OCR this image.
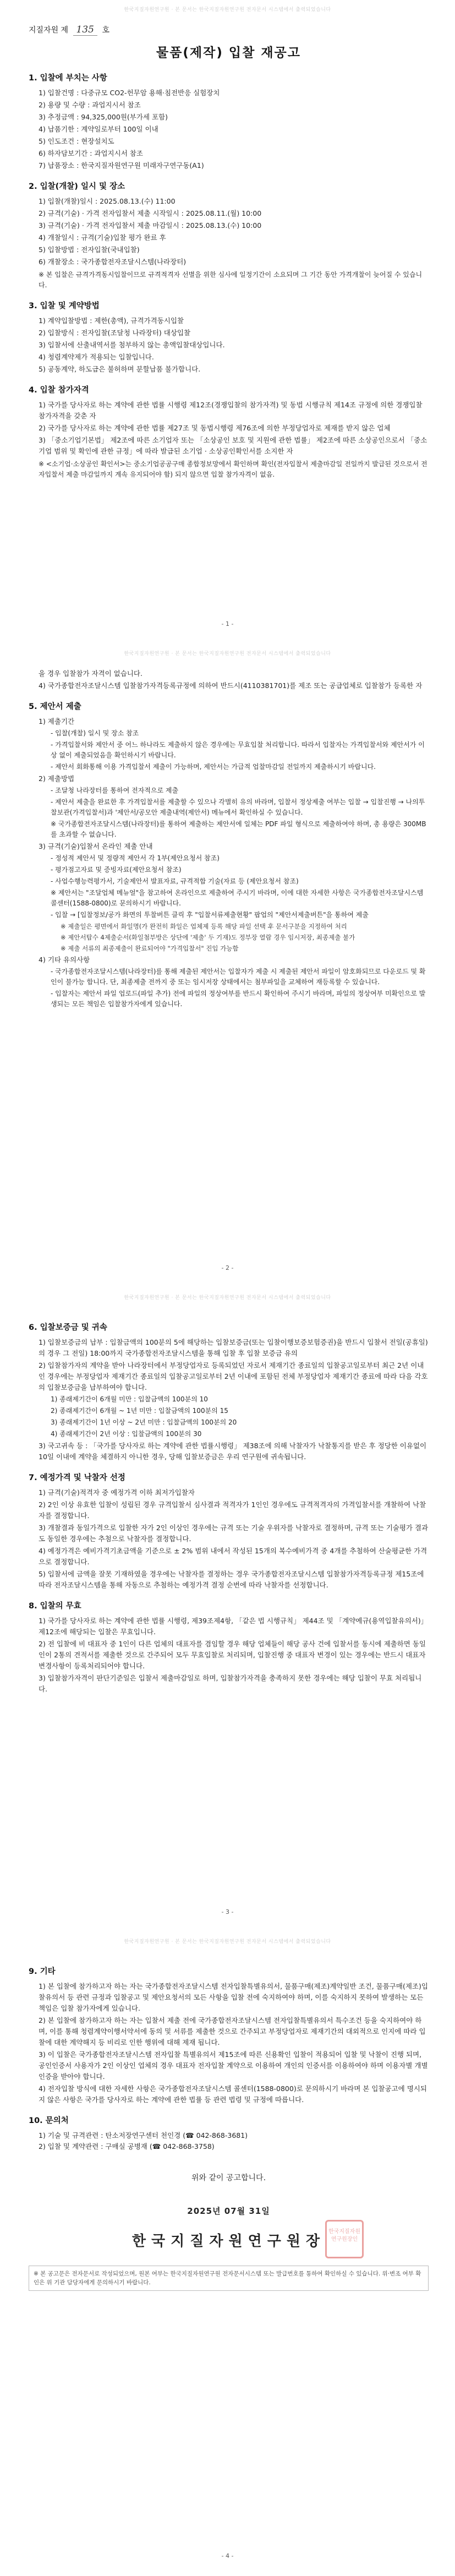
한국지질자원연구원 · 본 문서는 한국지질자원연구원 전자문서 시스템에서 출력되었습니다
지질자원 제 135 호
물품(제작) 입찰 재공고
1. 입찰에 부치는 사항
1) 입찰건명 : 다중규모 CO2-헌무암 용해·침전반응 실험장치
2) 용량 및 수량 : 과업지시서 참조
3) 추정금액 : 94,325,000원(부가세 포함)
4) 납품기한 : 계약일로부터 100일 이내
5) 인도조건 : 현장설치도
6) 하자담보기간 : 과업지시서 참조
7) 납품장소 : 한국지질자원연구원 미래자구연구동(A1)
2. 입찰(개찰) 일시 및 장소
1) 입찰(개찰)일시 : 2025.08.13.(수) 11:00
2) 규격(기술) · 가격 전자입찰서 제출 시작일시 : 2025.08.11.(월) 10:00
3) 규격(기술) · 가격 전자입찰서 제출 마감일시 : 2025.08.13.(수) 10:00
4) 개찰일시 : 규격(기술)입찰 평가 완료 후
5) 입찰방법 : 전자입찰(국내입찰)
6) 개찰장소 : 국가종합전자조달시스템(나라장터)
※ 본 입찰은 규격가격동시입찰이므로 규격적격자 선별을 위한 심사에 일정기간이 소요되며 그 기간 동안 가격개찰이 늦어질 수 있습니다.
3. 입찰 및 계약방법
1) 계약입찰방법 : 제한(총액), 규격가격동시입찰
2) 입찰방식 : 전자입찰(조달청 나라장터) 대상입찰
3) 입찰서에 산출내역서를 첨부하지 않는 총액입찰대상입니다.
4) 청렴계약제가 적용되는 입찰입니다.
5) 공동계약, 하도급은 불허하며 분할납품 불가합니다.
4. 입찰 참가자격
1) 국가를 당사자로 하는 계약에 관한 법률 시행령 제12조(경쟁입찰의 참가자격) 및 동법 시행규칙 제14조 규정에 의한 경쟁입찰 참가자격을 갖춘 자
2) 국가를 당사자로 하는 계약에 관한 법률 제27조 및 동법시행령 제76조에 의한 부정당업자로 제재를 받지 않은 업체
3) 「중소기업기본법」 제2조에 따른 소기업자 또는 「소상공인 보호 및 지원에 관한 법률」 제2조에 따른 소상공인으로서 「중소기업 범위 및 확인에 관한 규정」에 따라 발급된 소기업 · 소상공인확인서를 소지한 자
※ <소기업·소상공인 확인서>는 중소기업공공구매 종합정보망에서 확인하며 확인(전자입찰서 제출마감일 전일까지 발급된 것으로서 전자입찰서 제출 마감일까지 계속 유지되어야 함) 되지 않으면 입찰 참가자격이 없음.
- 1 -
한국지질자원연구원 · 본 문서는 한국지질자원연구원 전자문서 시스템에서 출력되었습니다
을 경우 입찰참가 자격이 없습니다.
4) 국가종합전자조달시스템 입찰참가자격등록규정에 의하여 반드시(4110381701)를 제조 또는 공급업체로 입찰참가 등록한 자
5. 제안서 제출
1) 제출기간
- 입찰(개찰) 일시 및 장소 참조
- 가격입찰서와 제안서 중 어느 하나라도 제출하지 않은 경우에는 무효입찰 처리합니다. 따라서 입찰자는 가격입찰서와 제안서가 이상 없이 제출되었음을 확인하시기 바랍니다.
- 제안서 회화통해 이용 가격입찰서 제출이 가능하며, 제안서는 가급적 업찰마감일 전일까지 제출하시기 바랍니다.
2) 제출방법
- 조달청 나라장터를 통하여 전자적으로 제출
- 제안서 제출을 완료한 후 가격입찰서를 제출할 수 있으나 각별히 유의 바라며, 입찰서 정상제출 여부는 입찰 → 입찰진행 → 나의투찰보관(가격입찰서)과 '제안서/공모안 제출내역(제안서) 메뉴에서 확인하실 수 있습니다.
※ 국가종합전자조달시스템(나라장터)를 통하여 제출하는 제안서에 일체는 PDF 파일 형식으로 제출하여야 하며, 총 용량은 300MB를 초과할 수 없습니다.
3) 규격(기술)입찰서 온라인 제출 안내
- 정성적 제안서 및 정량적 제안서 각 1부(제안요청서 참조)
- 평가점고자료 및 증빙자료(제안요청서 참조)
- 사업수행능력평가서, 기술제안서 발표자료, 규격적합 기술(자료 등 (제안요청서 참조)
※ 제안서는 "조달업체 메뉴얼"을 참고하여 온라인으로 제출하여 주시기 바라며, 이에 대한 자세한 사항은 국가종합전자조달시스템 콜센터(1588-0800)로 문의하시기 바랍니다.
- 입찰 → [입찰정보/공가 화면의 투찰버튼 클릭 후 "입찰서류제출현황" 팝업의 "제안서제출버튼"을 통하여 제출
※ 제출일은 평면에서 화일명(가 완전히 화일은 업체제 등록 해당 파일 선택 후 문서구분을 지정하여 처리
※ 제안서탑수 4제출순서(화일첨부방은 상단에 '제출' 두 기재)도 정부장 열람 경우 임시저장, 최종제출 불가
※ 제출 서류의 최종제출이 완료되어야 "가격입찰서" 진입 가능함
4) 기타 유의사항
- 국가종합전자조달시스템(나라장터)를 통해 제출된 제안서는 입찰자가 제출 시 제출된 제안서 파일이 암호화되므로 다운로드 및 확인이 불가능 합니다. 단, 최종제출 전까지 중 또는 임시저장 상태에서는 첨부파일을 교체하여 재등록할 수 있습니다.
- 입찰자는 제안서 파일 업로드(파일 추가) 전에 파일의 정상여부를 반드시 확인하여 주시기 바라며, 파일의 정상여부 미확인으로 발생되는 모든 책임은 입찰참가자에게 있습니다.
- 2 -
한국지질자원연구원 · 본 문서는 한국지질자원연구원 전자문서 시스템에서 출력되었습니다
6. 입찰보증금 및 귀속
1) 입찰보증금의 납부 : 입찰금액의 100분의 5에 해당하는 입찰보증금(또는 입찰이행보증보험증권)을 반드시 입찰서 전일(공휴일)의 경우 그 전일) 18:00까지 국가종합전자조달시스템을 통해 입찰 후 입찰 보증금 유의
2) 입찰참가자의 계약을 받아 나라장터에서 부정당업자로 등록되었던 자로서 제재기간 종료일의 입찰공고일로부터 최근 2년 이내인 경우에는 부정당업자 제재기간 종료일의 입찰공고일로부터 2년 이내에 포함된 전체 부정당업자 제재기간 종료에 따라 다음 각호의 입찰보증금을 납부하여야 합니다.
1) 종래제기간이 6개월 미만 : 입찰금액의 100분의 10
2) 종래제기간이 6개월 ~ 1년 미만 : 입찰금액의 100분의 15
3) 종래제기간이 1년 이상 ~ 2년 미만 : 입찰금액의 100분의 20
4) 종래제기간이 2년 이상 : 입찰금액의 100분의 30
3) 국고귀속 등 : 「국가를 당사자로 하는 계약에 관한 법률시행령」 제38조에 의해 낙찰자가 낙찰통지를 받은 후 정당한 이유없이 10일 이내에 계약을 체결하지 아니한 경우, 당해 입찰보증금은 우리 연구원에 귀속됩니다.
7. 예정가격 및 낙찰자 선정
1) 규격(기술)적격자 중 예정가격 이하 최저가입찰자
2) 2인 이상 유효한 입찰이 성립된 경우 규격입찰서 심사결과 적격자가 1인인 경우에도 규격적격자의 가격입찰서를 개찰하여 낙찰자를 결정합니다.
3) 개찰결과 동일가격으로 입찰한 자가 2인 이상인 경우에는 규격 또는 기술 우위자를 낙찰자로 결정하며, 규격 또는 기술평가 결과도 동일한 경우에는 추첨으로 낙찰자를 결정합니다.
4) 예정가격은 예비가격기초금액을 기준으로 ± 2% 범위 내에서 작성된 15개의 복수예비가격 중 4개를 추첨하여 산술평균한 가격으로 결정합니다.
5) 입찰서에 금액을 잘못 기재하였을 경우에는 낙찰자를 결정하는 경우 국가종합전자조달시스템 입찰참가자격등록규정 제15조에 따라 전자조달시스템을 통해 자동으로 추첨하는 예정가격 결정 순번에 따라 낙찰자를 선정합니다.
8. 입찰의 무효
1) 국가를 당사자로 하는 계약에 관한 법률 시행령, 제39조제4항, 「같은 법 시행규칙」 제44조 및 「계약예규(용역입찰유의서)」 제12조에 해당되는 입찰은 무효입니다.
2) 전 입찰에 비 대표자 중 1인이 다른 업체의 대표자를 겸임할 경우 해당 업체들이 해당 공사 건에 입찰서를 동시에 제출하면 동일인이 2통의 견적서를 제출한 것으로 간주되어 모두 무효입찰로 처리되며, 입찰진행 중 대표자 변경이 있는 경우에는 반드시 대표자 변경사항이 등록처리되어야 합니다.
3) 입찰참가자격이 판단기준일은 입찰서 제출마감일로 하며, 입찰참가자격을 충족하지 못한 경우에는 해당 입찰이 무효 처리됩니다.
- 3 -
한국지질자원연구원 · 본 문서는 한국지질자원연구원 전자문서 시스템에서 출력되었습니다
9. 기타
1) 본 입찰에 참가하고자 하는 자는 국가종합전자조달시스템 전자입찰특별유의서, 물품구매(제조)계약일반 조건, 물품구매(제조)입찰유의서 등 관련 규정과 입찰공고 및 제안요청서의 모든 사항을 입찰 전에 숙지하여야 하며, 이를 숙지하지 못하여 발생하는 모든 책임은 입찰 참가자에게 있습니다.
2) 본 입찰에 참가하고자 하는 자는 입찰서 제출 전에 국가종합전자조달시스템 전자입찰특별유의서 특수조건 등을 숙지하여야 하며, 이를 통해 청렴계약이행서약서에 동의 및 서류를 제출한 것으로 간주되고 부정당업자로 제재기간의 대외적으로 인지에 따라 입찰에 대한 계약해지 등 비리로 인한 행위에 대해 제재 됩니다.
3) 이 입찰은 국가종합전자조달시스템 전자입찰 특별유의서 제15조에 따른 신용확인 입찰이 적용되어 입찰 및 낙찰이 진행 되며, 공인인증서 사용자가 2인 이상인 업체의 경우 대표자 전자입찰 계약으로 이용하여 개인의 인증서를 이용하여야 하며 이용자별 개별 인증을 받아야 합니다.
4) 전자입찰 방식에 대한 자세한 사항은 국가종합전자조달시스템 콜센터(1588-0800)로 문의하시기 바라며 본 입찰공고에 명시되지 않은 사항은 국가를 당사자로 하는 계약에 관한 법률 등 관련 법령 및 규정에 따릅니다.
10. 문의처
1) 기술 및 규격관련 : 탄소저장연구센터 천인경 (☎ 042-868-3681)
2) 입찰 및 계약관련 : 구매실 공병재 (☎ 042-868-3758)
위와 같이 공고합니다.
2025년 07월 31일
한국지질자원연구원장
한국지질자원연구원장인
※ 본 공고문은 전자문서로 작성되었으며, 원본 여부는 한국지질자원연구원 전자문서시스템 또는 발급번호를 통하여 확인하실 수 있습니다. 위·변조 여부 확인은 위 기관 담당자에게 문의하시기 바랍니다.
- 4 -
